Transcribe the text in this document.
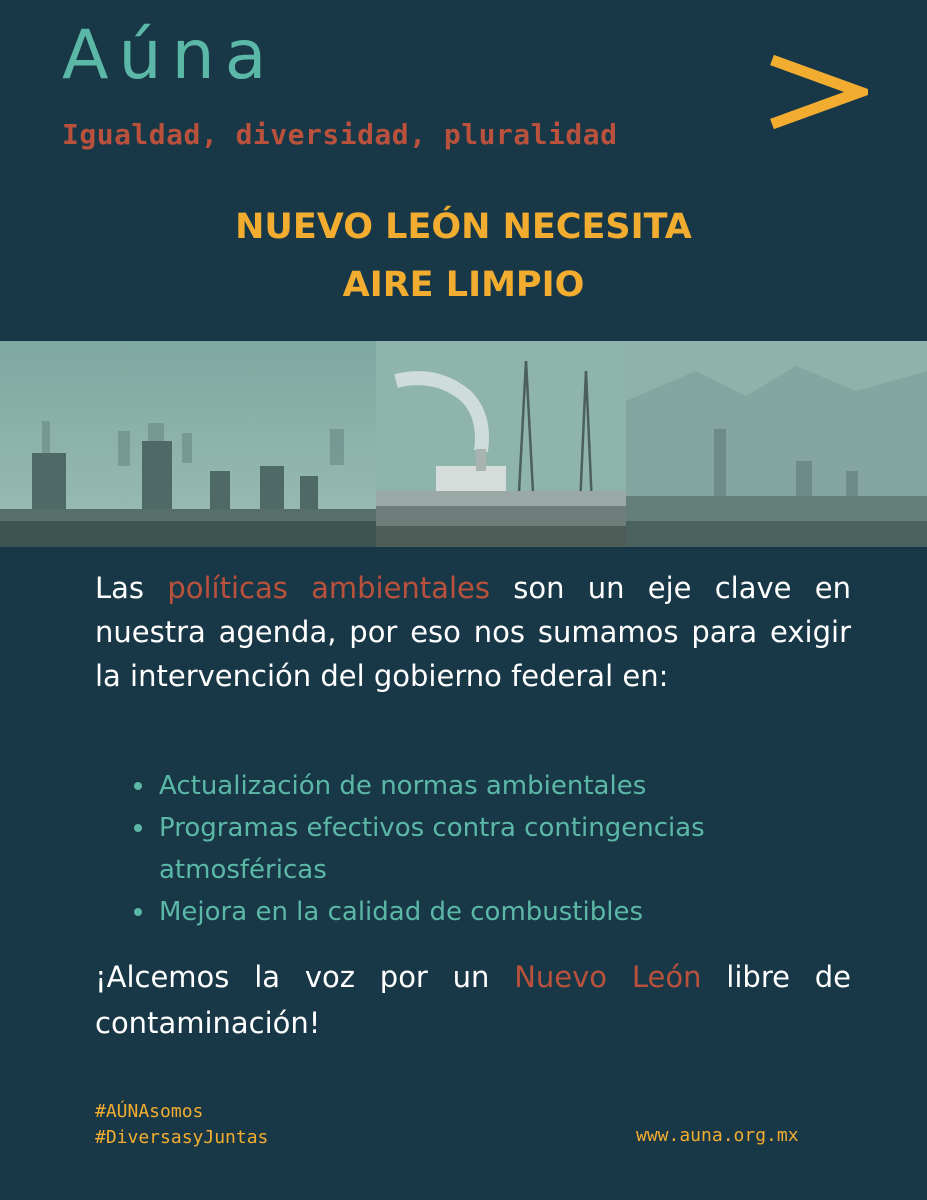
Aúna
Igualdad, diversidad, pluralidad
NUEVO LEÓN NECESITA
AIRE LIMPIO
Las políticas ambientales son un eje clave en nuestra agenda, por eso nos sumamos para exigir la intervención del gobierno federal en:
Actualización de normas ambientales
Programas efectivos contra contingencias atmosféricas
Mejora en la calidad de combustibles
¡Alcemos la voz por un Nuevo León libre de contaminación!
#AÚNAsomos
#DiversasyJuntas	www.auna.org.mx
